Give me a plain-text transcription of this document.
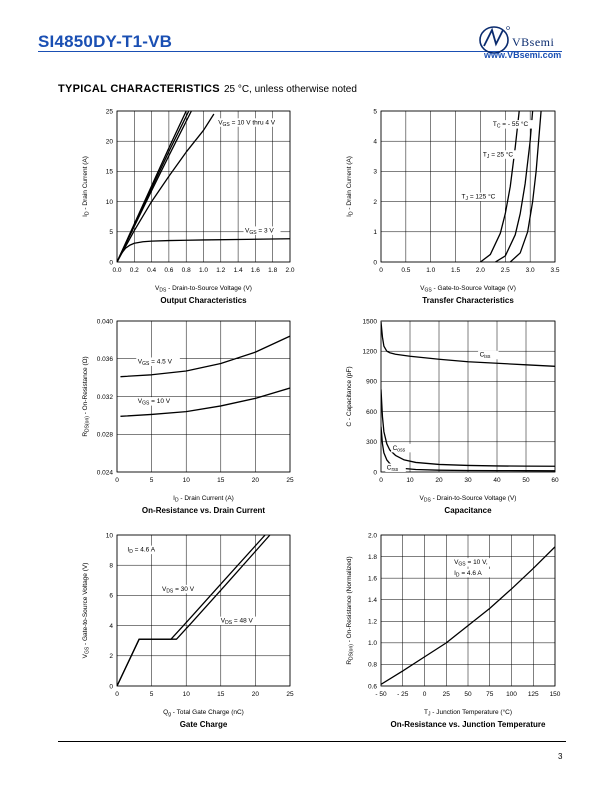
SI4850DY-T1-VB	VBsemi
www.VBsemi.com
TYPICAL CHARACTERISTICS 25 °C, unless otherwise noted
0.0 0.2 0.4 0.6 0.8 1.0 1.2 1.4 1.6 1.8 2.0
0
5
10
15
20
25
$V_{GS} = 10$ V thru 4 V
$V_{GS} = 3$ V
$V_{DS}$ - Drain-to-Source Voltage (V)
$I_D$ - Drain Current (A)
Output Characteristics
0	0.5 1.0 1.5 2.0 2.5 3.0 3.5
0
1
2
3
4
5
$T_C$ = - 55 °C
$T_J = 25$ °C
$T_J = 125$ °C
$V_{GS}$ - Gate-to-Source Voltage (V)
$I_D$ - Drain Current (A)
Transfer Characteristics
0	5	10	15	20	25
0.024
0.028
0.032
0.036
0.040
$V_{GS} = 4.5$ V
$V_{GS} = 10$ V
$I_D$ - Drain Current (A)
$R_{DS(on)}$ - On-Resistance (Ω)
On-Resistance vs. Drain Current
0	10	20	30	40	50	60
0
300
600
900
1200
1500
$C_{iss}$
$C_{oss}$
$C_{rss}$
$V_{DS}$ - Drain-to-Source Voltage (V)
C - Capacitance (pF)
Capacitance
0	5	10	15	20	25
0
2
4
6
8
10
$I_D = 4.6$ A
$V_{DS} = 30$ V
$V_{DS} = 48$ V
$Q_g$ - Total Gate Charge (nC)
$V_{GS}$ - Gate-to-Source Voltage (V)
Gate Charge
- 50 - 25 0	25 50 75 100 125 150
0.6
0.8
1.0
1.2
1.4
1.6
1.8
2.0
$V_{GS} = 10$ V,
$I_D = 4.6$ A
$T_J$ - Junction Temperature (°C)
$R_{DS(on)}$ - On-Resistance (Normalized)
On-Resistance vs. Junction Temperature
3
